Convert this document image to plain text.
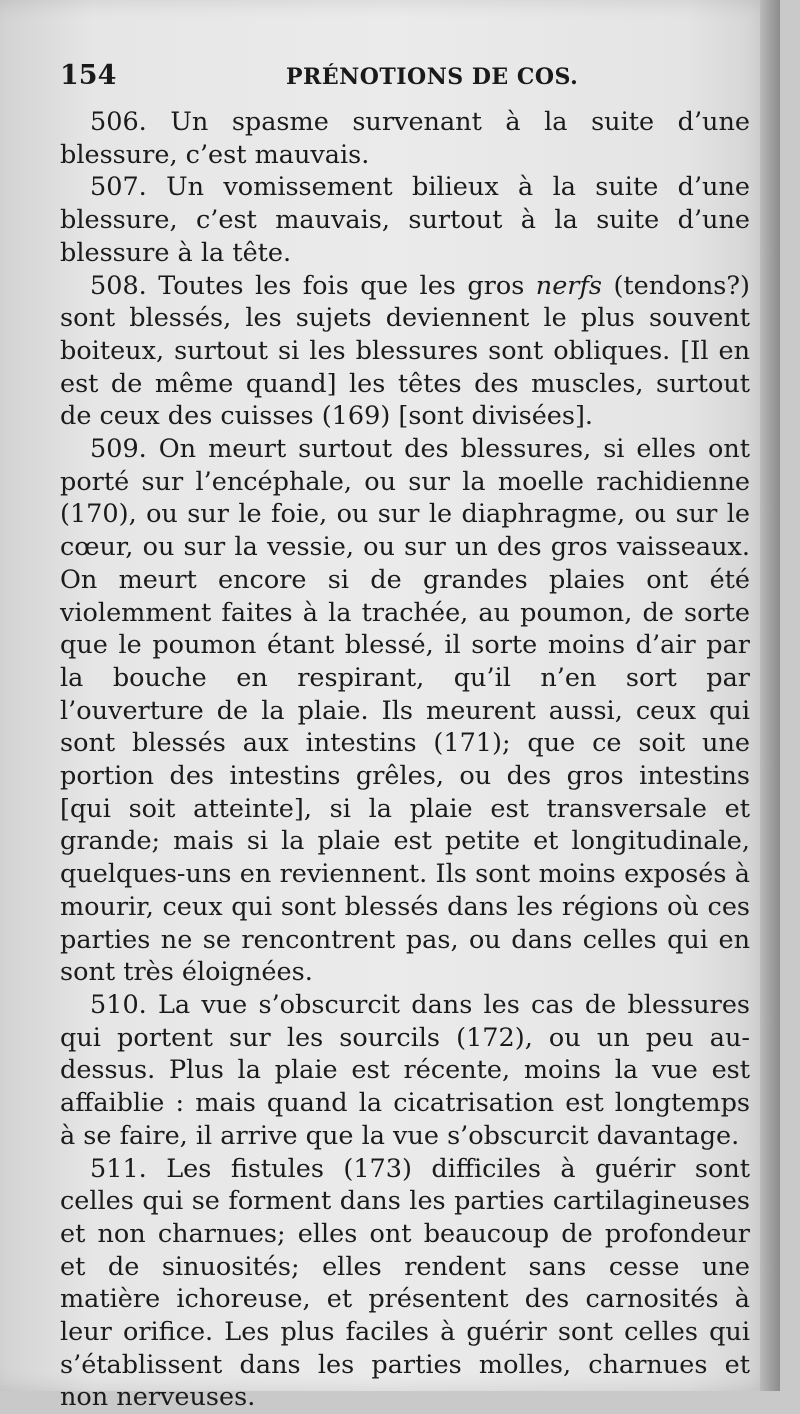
154	PRÉNOTIONS DE COS.

506. Un spasme survenant à la suite d’une blessure, c’est mauvais.

507. Un vomissement bilieux à la suite d’une blessure, c’est mauvais, surtout à la suite d’une blessure à la tête.

508. Toutes les fois que les gros nerfs (tendons?) sont blessés, les sujets deviennent le plus souvent boiteux, surtout si les blessures sont obliques. [Il en est de même quand] les têtes des muscles, surtout de ceux des cuisses (169) [sont divisées].

509. On meurt surtout des blessures, si elles ont porté sur l’encéphale, ou sur la moelle rachidienne (170), ou sur le foie, ou sur le diaphragme, ou sur le cœur, ou sur la vessie, ou sur un des gros vaisseaux. On meurt encore si de grandes plaies ont été violemment faites à la trachée, au poumon, de sorte que le poumon étant blessé, il sorte moins d’air par la bouche en respirant, qu’il n’en sort par l’ouverture de la plaie. Ils meurent aussi, ceux qui sont blessés aux intestins (171); que ce soit une portion des intestins grêles, ou des gros intestins [qui soit atteinte], si la plaie est transversale et grande; mais si la plaie est petite et longitudinale, quelques-uns en reviennent. Ils sont moins exposés à mourir, ceux qui sont blessés dans les régions où ces parties ne se rencontrent pas, ou dans celles qui en sont très éloignées.

510. La vue s’obscurcit dans les cas de blessures qui portent sur les sourcils (172), ou un peu au-dessus. Plus la plaie est récente, moins la vue est affaiblie : mais quand la cicatrisation est longtemps à se faire, il arrive que la vue s’obscurcit davantage.

511. Les fistules (173) difficiles à guérir sont celles qui se forment dans les parties cartilagineuses et non charnues; elles ont beaucoup de profondeur et de sinuosités; elles rendent sans cesse une matière ichoreuse, et présentent des carnosités à leur orifice. Les plus faciles à guérir sont celles qui s’établissent dans les parties molles, charnues et non nerveuses.
